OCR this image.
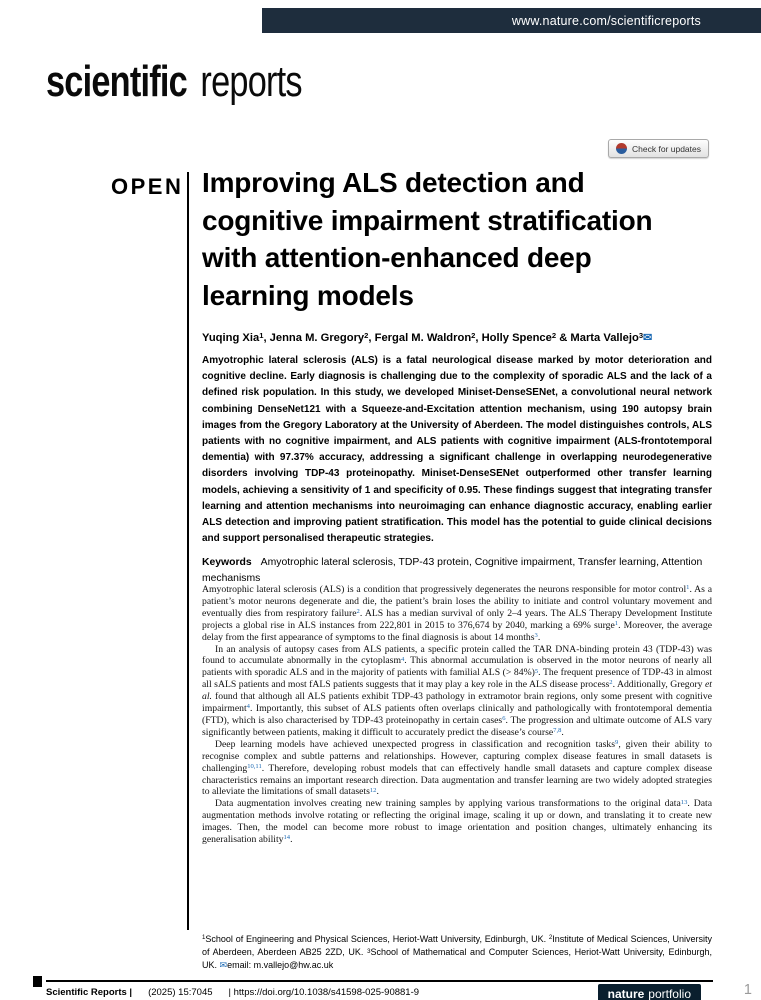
www.nature.com/scientificreports
scientific reports
Check for updates
OPEN Improving ALS detection and cognitive impairment stratification with attention-enhanced deep learning models
Yuqing Xia$^1$, Jenna M. Gregory$^2$, Fergal M. Waldron$^2$, Holly Spence$^2$ & Marta Vallejo$^3$✉
Amyotrophic lateral sclerosis (ALS) is a fatal neurological disease marked by motor deterioration and cognitive decline. Early diagnosis is challenging due to the complexity of sporadic ALS and the lack of a defined risk population. In this study, we developed Miniset-DenseSENet, a convolutional neural network combining DenseNet121 with a Squeeze-and-Excitation attention mechanism, using 190 autopsy brain images from the Gregory Laboratory at the University of Aberdeen. The model distinguishes controls, ALS patients with no cognitive impairment, and ALS patients with cognitive impairment (ALS-frontotemporal dementia) with 97.37% accuracy, addressing a significant challenge in overlapping neurodegenerative disorders involving TDP-43 proteinopathy. Miniset-DenseSENet outperformed other transfer learning models, achieving a sensitivity of 1 and specificity of 0.95. These findings suggest that integrating transfer learning and attention mechanisms into neuroimaging can enhance diagnostic accuracy, enabling earlier ALS detection and improving patient stratification. This model has the potential to guide clinical decisions and support personalised therapeutic strategies.
Keywords Amyotrophic lateral sclerosis, TDP-43 protein, Cognitive impairment, Transfer learning, Attention mechanisms

Amyotrophic lateral sclerosis (ALS) is a condition that progressively degenerates the neurons responsible for motor control$^1$. As a patient’s motor neurons degenerate and die, the patient’s brain loses the ability to initiate and control voluntary movement and eventually dies from respiratory failure$^2$. ALS has a median survival of only 2–4 years. The ALS Therapy Development Institute projects a global rise in ALS instances from 222,801 in 2015 to 376,674 by 2040, marking a 69% surge$^1$. Moreover, the average delay from the first appearance of symptoms to the final diagnosis is about 14 months$^3$.

In an analysis of autopsy cases from ALS patients, a specific protein called the TAR DNA-binding protein 43 (TDP-43) was found to accumulate abnormally in the cytoplasm$^4$. This abnormal accumulation is observed in the motor neurons of nearly all patients with sporadic ALS and in the majority of patients with familial ALS (> 84%)$^5$. The frequent presence of TDP-43 in almost all sALS patients and most fALS patients suggests that it may play a key role in the ALS disease process$^2$. Additionally, Gregory et al. found that although all ALS patients exhibit TDP-43 pathology in extramotor brain regions, only some present with cognitive impairment$^4$. Importantly, this subset of ALS patients often overlaps clinically and pathologically with frontotemporal dementia (FTD), which is also characterised by TDP-43 proteinopathy in certain cases$^6$. The progression and ultimate outcome of ALS vary significantly between patients, making it difficult to accurately predict the disease’s course$^{7,8}$.

Deep learning models have achieved unexpected progress in classification and recognition tasks$^9$, given their ability to recognise complex and subtle patterns and relationships. However, capturing complex disease features in small datasets is challenging$^{10,11}$. Therefore, developing robust models that can effectively handle small datasets and capture complex disease characteristics remains an important research direction. Data augmentation and transfer learning are two widely adopted strategies to alleviate the limitations of small datasets$^{12}$.

Data augmentation involves creating new training samples by applying various transformations to the original data$^{13}$. Data augmentation methods involve rotating or reflecting the original image, scaling it up or down, and translating it to create new images. Then, the model can become more robust to image orientation and position changes, ultimately enhancing its generalisation ability$^{14}$.

$^1$School of Engineering and Physical Sciences, Heriot-Watt University, Edinburgh, UK. $^2$Institute of Medical Sciences, University of Aberdeen, Aberdeen AB25 2ZD, UK. $^3$School of Mathematical and Computer Sciences, Heriot-Watt University, Edinburgh, UK. ✉email: m.vallejo@hw.ac.uk
Scientific Reports | (2025) 15:7045 | https://doi.org/10.1038/s41598-025-90881-9	nature portfolio	1
